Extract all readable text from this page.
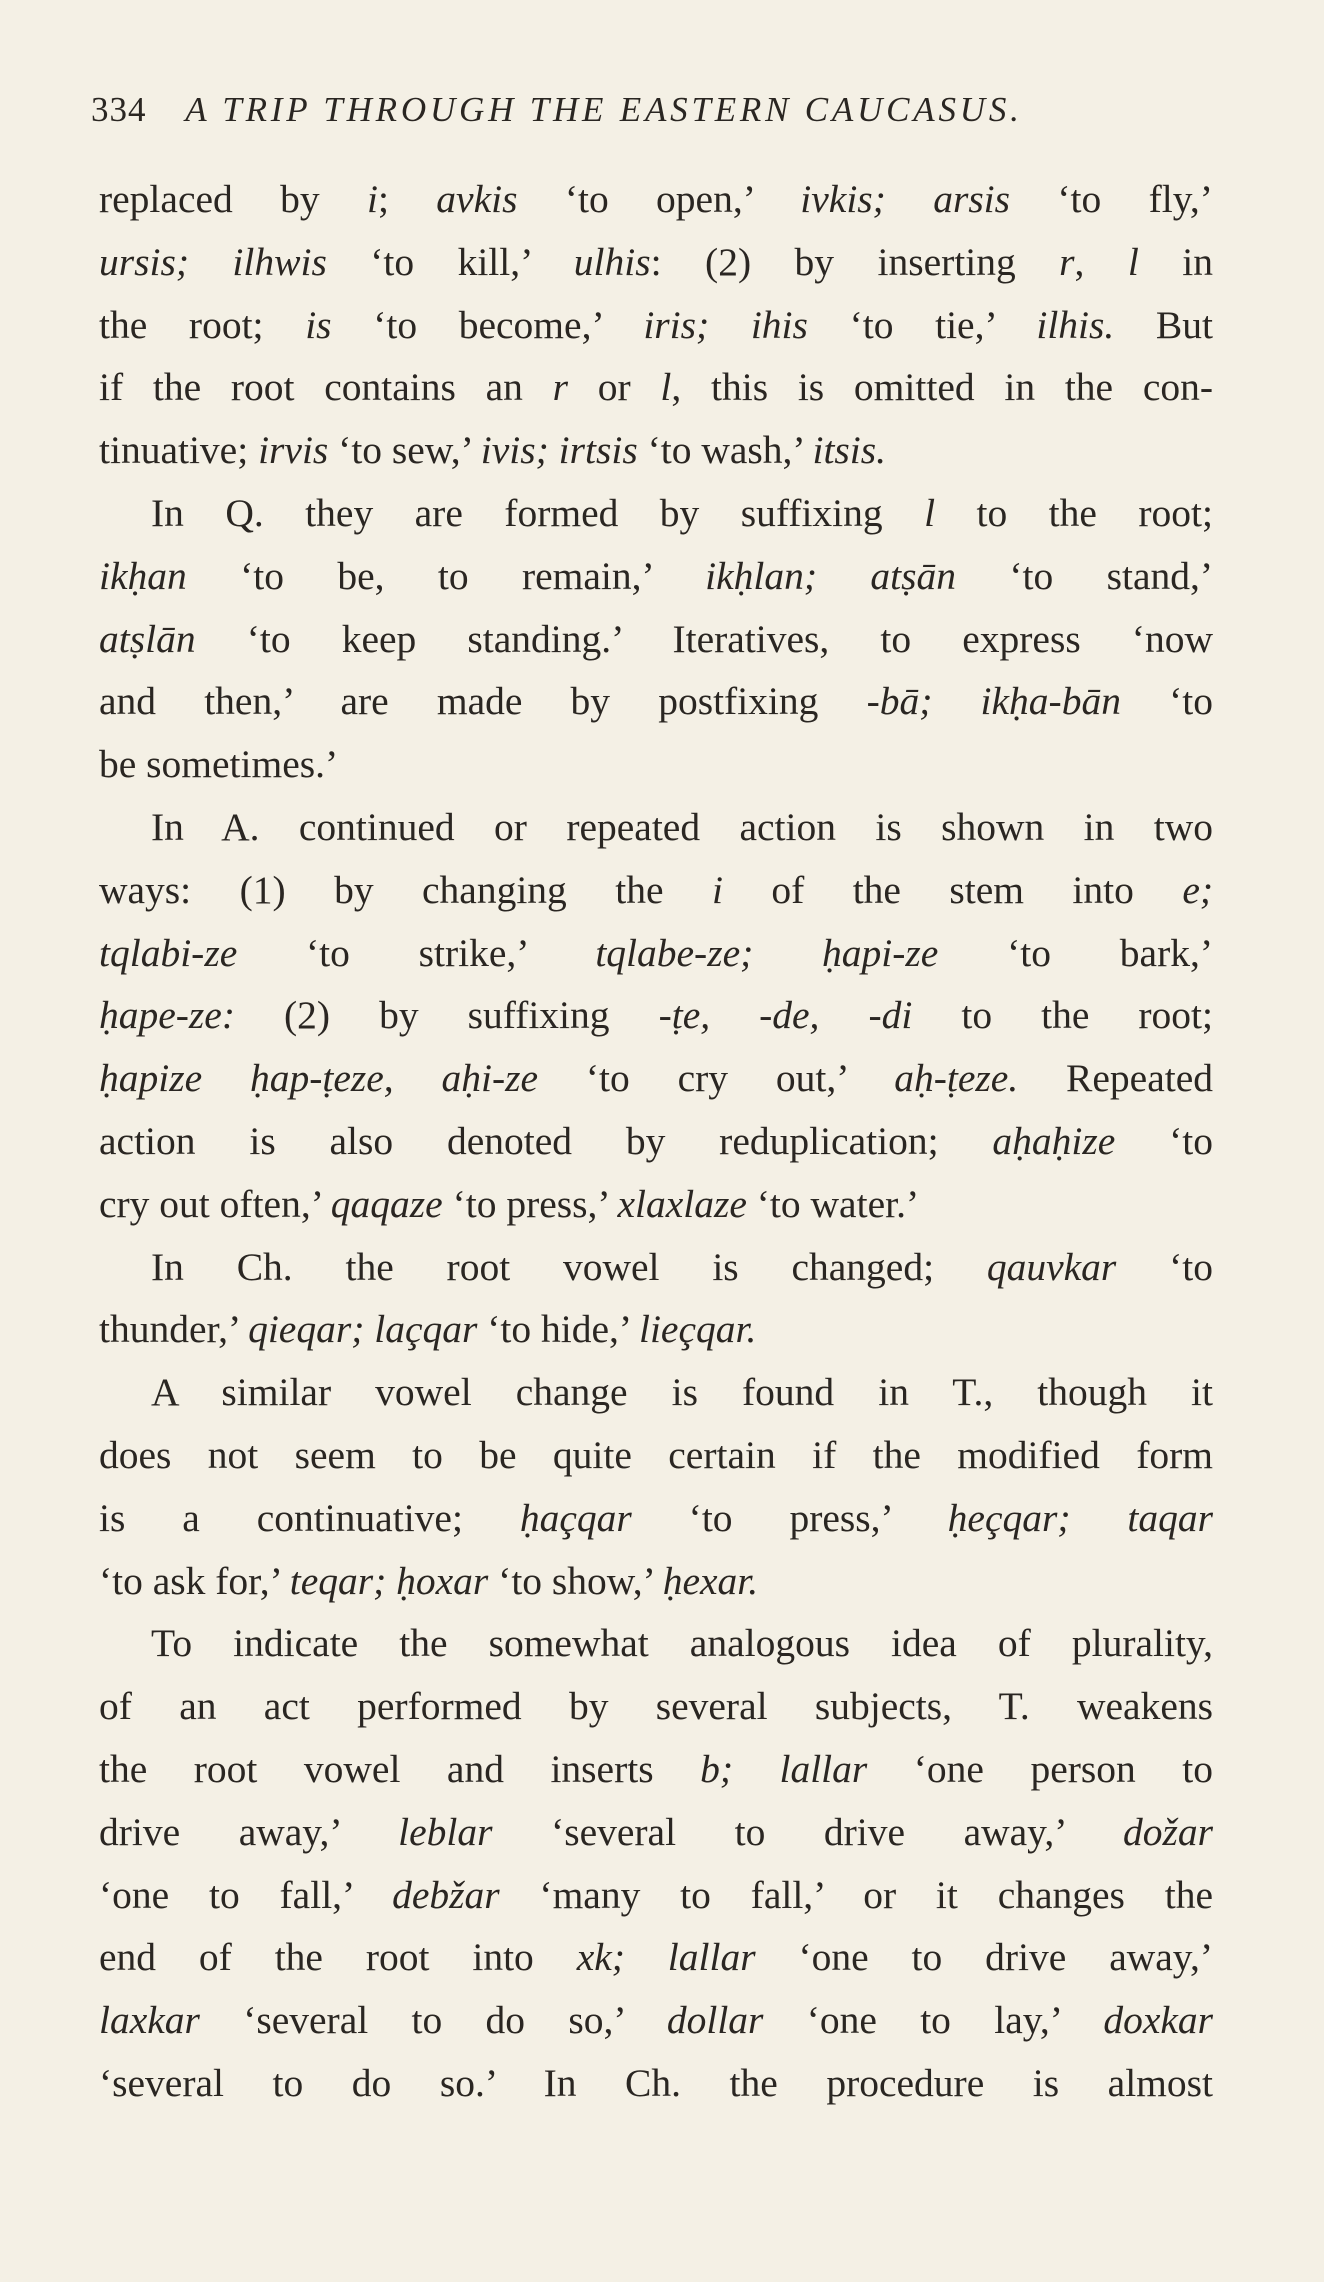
334 A TRIP THROUGH THE EASTERN CAUCASUS.
replaced by i; avkis ‘to open,’ ivkis; arsis ‘to fly,’
ursis; ilhwis ‘to kill,’ ulhis: (2) by inserting r, l in
the root; is ‘to become,’ iris; ihis ‘to tie,’ ilhis. But
if the root contains an r or l, this is omitted in the con-
tinuative; irvis ‘to sew,’ ivis; irtsis ‘to wash,’ itsis.
In Q. they are formed by suffixing l to the root;
ikḥan ‘to be, to remain,’ ikḥlan; atṣān ‘to stand,’
atṣlān ‘to keep standing.’ Iteratives, to express ‘now
and then,’ are made by postfixing -bā; ikḥa-bān ‘to
be sometimes.’
In A. continued or repeated action is shown in two
ways: (1) by changing the i of the stem into e;
tqlabi-ze ‘to strike,’ tqlabe-ze; ḥapi-ze ‘to bark,’
ḥape-ze: (2) by suffixing -ṭe, -de, -di to the root;
ḥapize ḥap-ṭeze, aḥi-ze ‘to cry out,’ aḥ-ṭeze. Repeated
action is also denoted by reduplication; aḥaḥize ‘to
cry out often,’ qaqaze ‘to press,’ xlaxlaze ‘to water.’
In Ch. the root vowel is changed; qauvkar ‘to
thunder,’ qieqar; laçqar ‘to hide,’ lieçqar.
A similar vowel change is found in T., though it
does not seem to be quite certain if the modified form
is a continuative; ḥaçqar ‘to press,’ ḥeçqar; taqar
‘to ask for,’ teqar; ḥoxar ‘to show,’ ḥexar.
To indicate the somewhat analogous idea of plurality,
of an act performed by several subjects, T. weakens
the root vowel and inserts b; lallar ‘one person to
drive away,’ leblar ‘several to drive away,’ dožar
‘one to fall,’ debžar ‘many to fall,’ or it changes the
end of the root into xk; lallar ‘one to drive away,’
laxkar ‘several to do so,’ dollar ‘one to lay,’ doxkar
‘several to do so.’ In Ch. the procedure is almost
